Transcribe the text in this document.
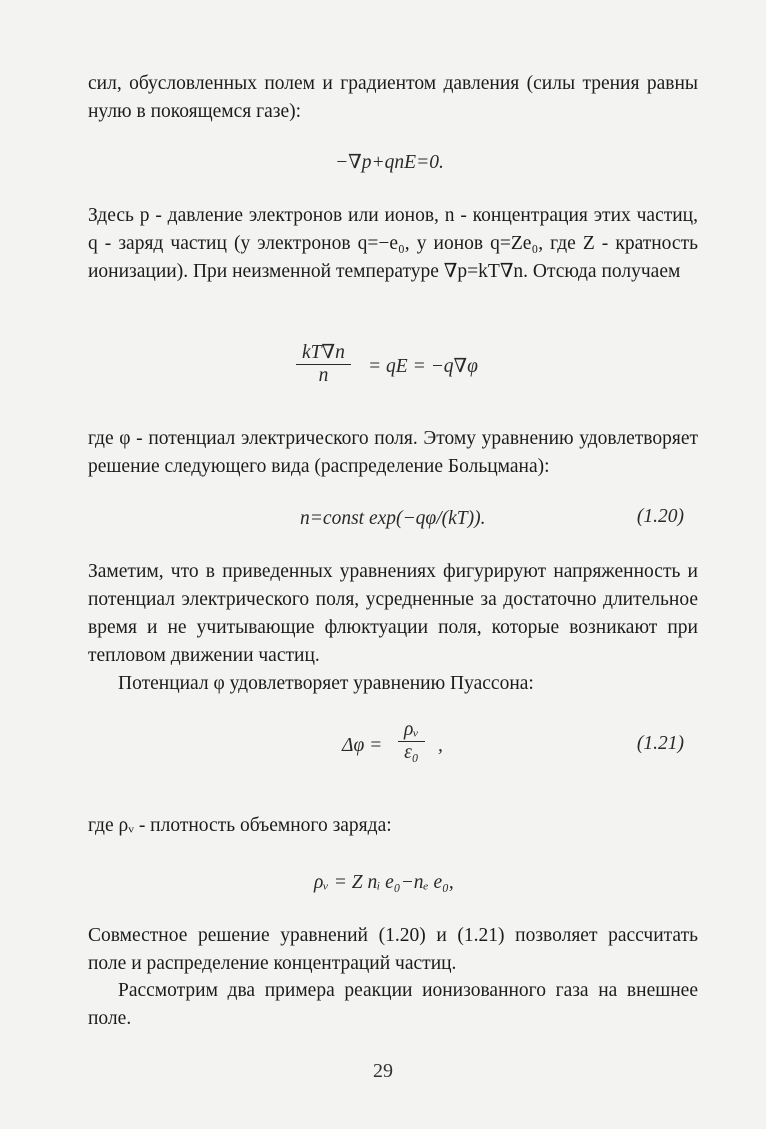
сил, обусловленных полем и градиентом давления (силы трения равны нулю в покоящемся газе):
−∇p+qnE=0.
Здесь p - давление электронов или ионов, n - концентрация этих частиц, q - заряд частиц (у электронов q=−e₀, у ионов q=Ze₀, где Z - кратность ионизации). При неизменной температуре ∇p=kT∇n. Отсюда получаем
kT∇n
n	= qE = −q∇φ
где φ - потенциал электрического поля. Этому уравнению удовлетворяет решение следующего вида (распределение Больцмана):
n=const exp(−qφ/(kT)).	(1.20)
Заметим, что в приведенных уравнениях фигурируют напряженность и потенциал электрического поля, усредненные за достаточно длительное время и не учитывающие флюктуации поля, которые возникают при тепловом движении частиц.
Потенциал φ удовлетворяет уравнению Пуассона:
Δφ =
ρᵥ
ε₀ ,	(1.21)
где ρᵥ - плотность объемного заряда:
ρᵥ = Z nᵢ e₀−nₑ e₀,
Совместное решение уравнений (1.20) и (1.21) позволяет рассчитать поле и распределение концентраций частиц.
Рассмотрим два примера реакции ионизованного газа на внешнее поле.
29
